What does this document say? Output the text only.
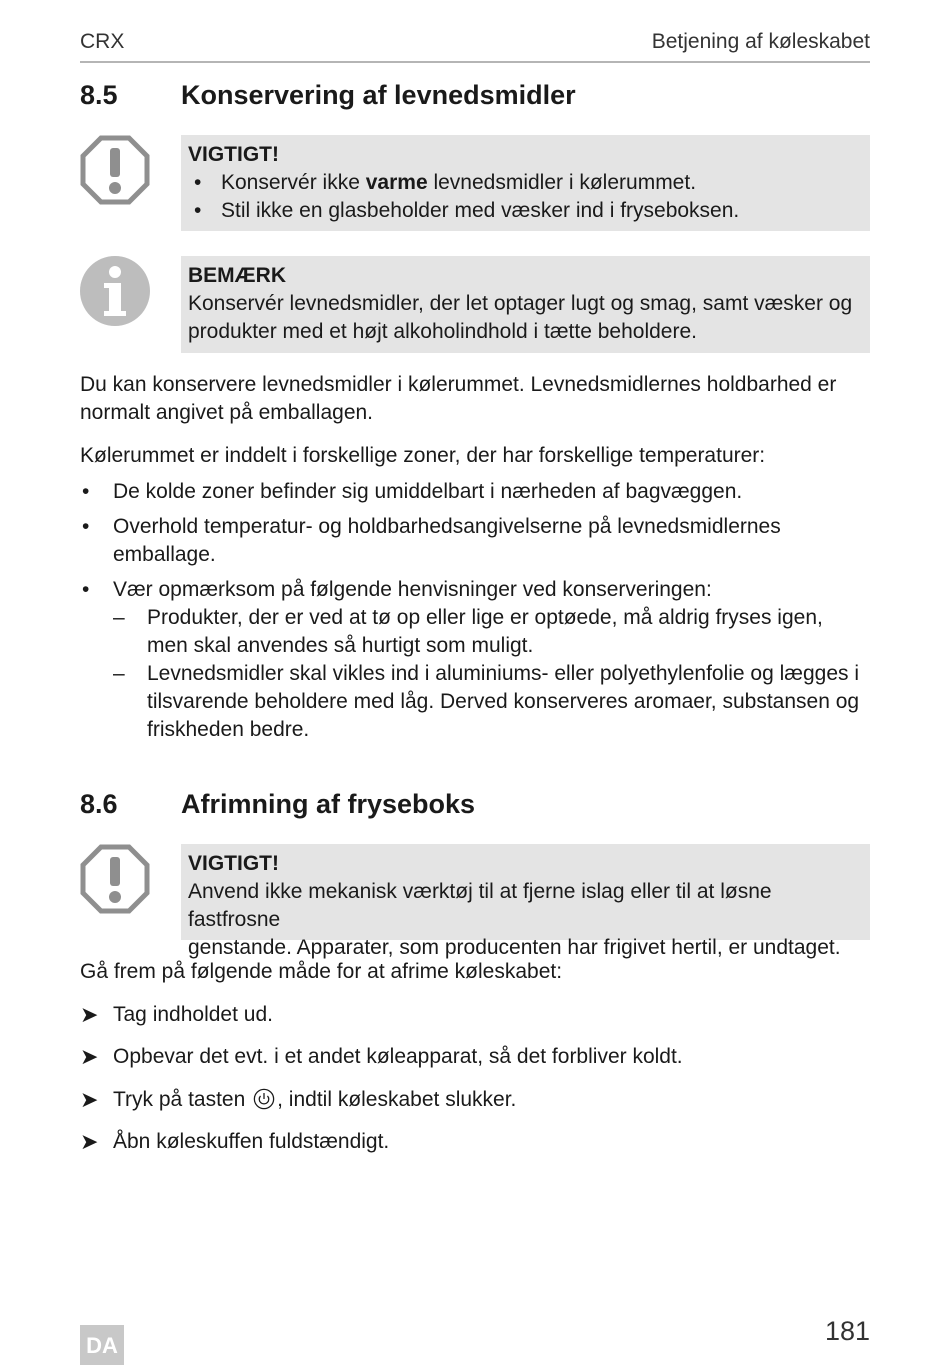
CRX	Betjening af køleskabet
8.5 Konservering af levnedsmidler
VIGTIGT!
• Konservér ikke varme levnedsmidler i kølerummet.
• Stil ikke en glasbeholder med væsker ind i fryseboksen.
BEMÆRK
Konservér levnedsmidler, der let optager lugt og smag, samt væsker og
produkter med et højt alkoholindhold i tætte beholdere.
Du kan konservere levnedsmidler i kølerummet. Levnedsmidlernes holdbarhed er
normalt angivet på emballagen.
Kølerummet er inddelt i forskellige zoner, der har forskellige temperaturer:
• De kolde zoner befinder sig umiddelbart i nærheden af bagvæggen.
• Overhold temperatur- og holdbarhedsangivelserne på levnedsmidlernes
emballage.
• Vær opmærksom på følgende henvisninger ved konserveringen:
– Produkter, der er ved at tø op eller lige er optøede, må aldrig fryses igen,
men skal anvendes så hurtigt som muligt.
– Levnedsmidler skal vikles ind i aluminiums- eller polyethylenfolie og lægges i
tilsvarende beholdere med låg. Derved konserveres aromaer, substansen og
friskheden bedre.
8.6 Afrimning af fryseboks
VIGTIGT!
Anvend ikke mekanisk værktøj til at fjerne islag eller til at løsne fastfrosne
genstande. Apparater, som producenten har frigivet hertil, er undtaget.
Gå frem på følgende måde for at afrime køleskabet:
➤ Tag indholdet ud.
➤ Opbevar det evt. i et andet køleapparat, så det forbliver koldt.
➤ Tryk på tasten , indtil køleskabet slukker.
➤ Åbn køleskuffen fuldstændigt.
DA	181
